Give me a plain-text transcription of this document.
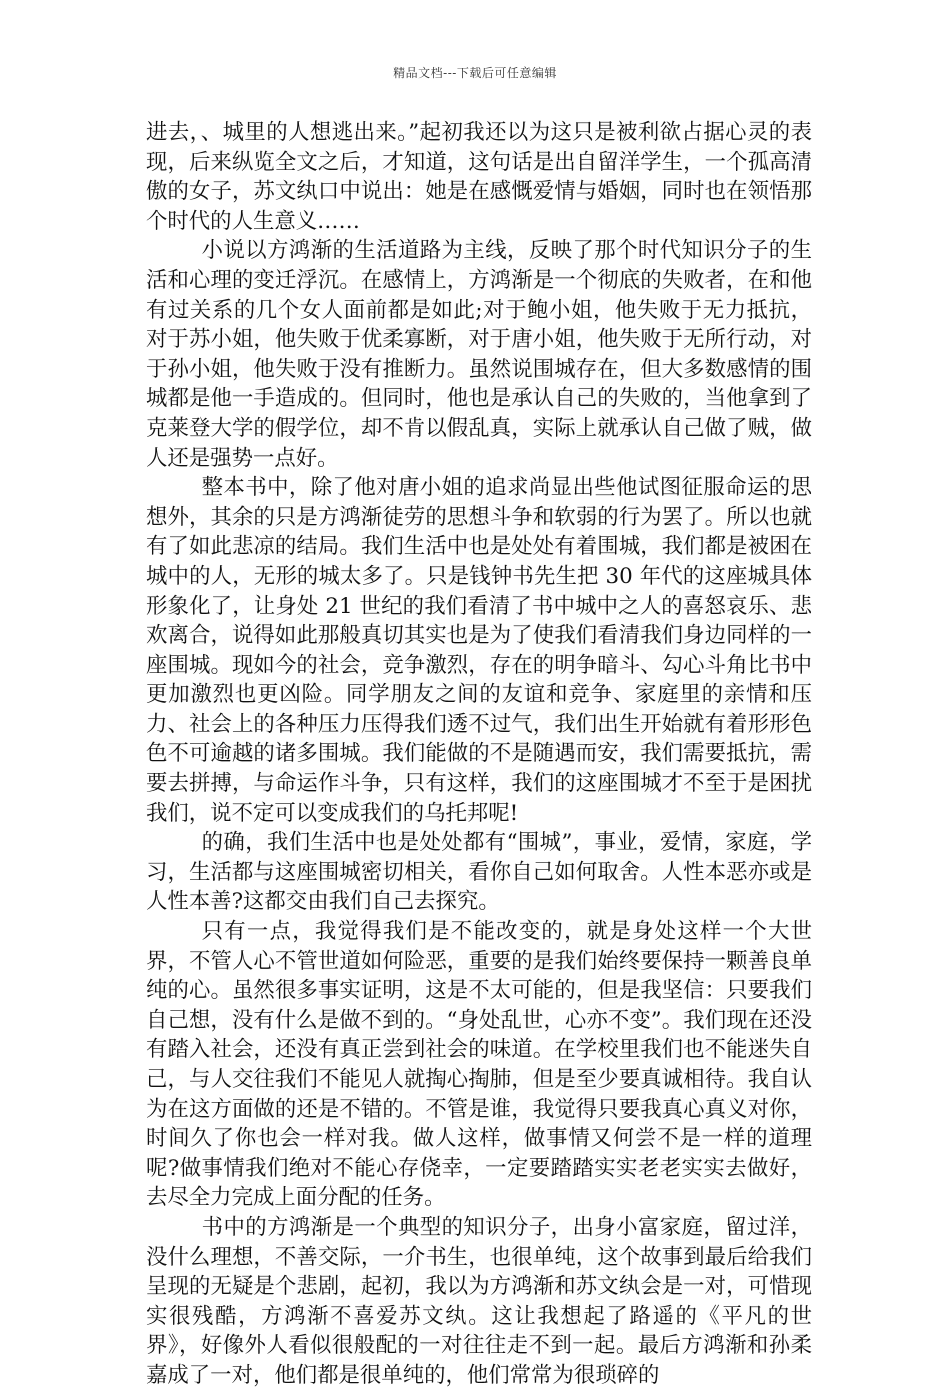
精品文档---下载后可任意编辑

进去，、城里的人想逃出来。”起初我还以为这只是被利欲占据心灵的表现，后来纵览全文之后，才知道，这句话是出自留洋学生，一个孤高清傲的女子，苏文纨口中说出：她是在感慨爱情与婚姻，同时也在领悟那个时代的人生意义……

小说以方鸿渐的生活道路为主线，反映了那个时代知识分子的生活和心理的变迁浮沉。在感情上，方鸿渐是一个彻底的失败者，在和他有过关系的几个女人面前都是如此;对于鲍小姐，他失败于无力抵抗，对于苏小姐，他失败于优柔寡断，对于唐小姐，他失败于无所行动，对于孙小姐，他失败于没有推断力。虽然说围城存在，但大多数感情的围城都是他一手造成的。但同时，他也是承认自己的失败的，当他拿到了克莱登大学的假学位，却不肯以假乱真，实际上就承认自己做了贼，做人还是强势一点好。

整本书中，除了他对唐小姐的追求尚显出些他试图征服命运的思想外，其余的只是方鸿渐徒劳的思想斗争和软弱的行为罢了。所以也就有了如此悲凉的结局。我们生活中也是处处有着围城，我们都是被困在城中的人，无形的城太多了。只是钱钟书先生把 30 年代的这座城具体形象化了，让身处 21 世纪的我们看清了书中城中之人的喜怒哀乐、悲欢离合，说得如此那般真切其实也是为了使我们看清我们身边同样的一座围城。现如今的社会，竞争激烈，存在的明争暗斗、勾心斗角比书中更加激烈也更凶险。同学朋友之间的友谊和竞争、家庭里的亲情和压力、社会上的各种压力压得我们透不过气，我们出生开始就有着形形色色不可逾越的诸多围城。我们能做的不是随遇而安，我们需要抵抗，需要去拼搏，与命运作斗争，只有这样，我们的这座围城才不至于是困扰我们，说不定可以变成我们的乌托邦呢!

的确，我们生活中也是处处都有“围城”，事业，爱情，家庭，学习，生活都与这座围城密切相关，看你自己如何取舍。人性本恶亦或是人性本善?这都交由我们自己去探究。

只有一点，我觉得我们是不能改变的，就是身处这样一个大世界，不管人心不管世道如何险恶，重要的是我们始终要保持一颗善良单纯的心。虽然很多事实证明，这是不太可能的，但是我坚信：只要我们自己想，没有什么是做不到的。“身处乱世，心亦不变”。我们现在还没有踏入社会，还没有真正尝到社会的味道。在学校里我们也不能迷失自己，与人交往我们不能见人就掏心掏肺，但是至少要真诚相待。我自认为在这方面做的还是不错的。不管是谁，我觉得只要我真心真义对你，时间久了你也会一样对我。做人这样，做事情又何尝不是一样的道理呢?做事情我们绝对不能心存侥幸，一定要踏踏实实老老实实去做好，去尽全力完成上面分配的任务。

书中的方鸿渐是一个典型的知识分子，出身小富家庭，留过洋，没什么理想，不善交际，一介书生，也很单纯，这个故事到最后给我们呈现的无疑是个悲剧，起初，我以为方鸿渐和苏文纨会是一对，可惜现实很残酷，方鸿渐不喜爱苏文纨。这让我想起了路遥的《平凡的世界》，好像外人看似很般配的一对往往走不到一起。最后方鸿渐和孙柔嘉成了一对，他们都是很单纯的，他们常常为很琐碎的
